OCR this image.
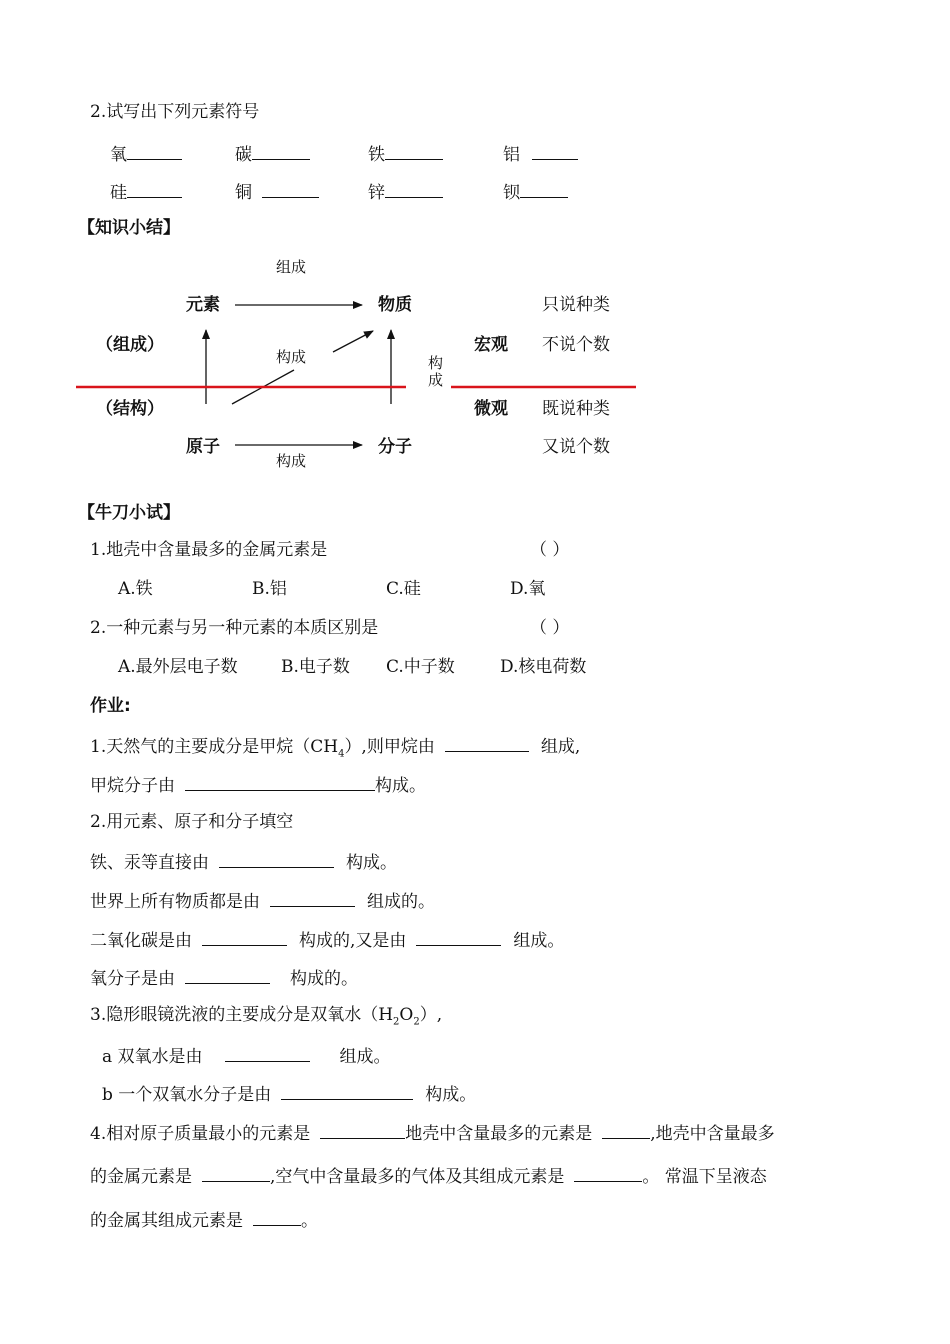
2.试写出下列元素符号
氧	碳	铁	铝
硅	铜	锌	钡
【知识小结】
组成
元素	物质
（组成）
构成	构
成
宏观
微观
只说种类
不说个数
既说种类
又说个数
（结构）
原子	分子
构成
【牛刀小试】
1.地壳中含量最多的金属元素是	（ ）
A.铁	B.铝	C.硅	D.氧
2.一种元素与另一种元素的本质区别是	（ ）
A.最外层电子数	B.电子数 C.中子数	D.核电荷数
作业:
1.天然气的主要成分是甲烷$(CH_4)$,则甲烷由	组成,
甲烷分子由	构成。
2.用元素、原子和分子填空
铁、汞等直接由	构成。
世界上所有物质都是由	组成的。
二氧化碳是由	构成的,又是由	组成。
氧分子是由	构成的。
3.隐形眼镜洗液的主要成分是双氧水$(H_2O_2)$,
a 双氧水是由	组成。
b 一个双氧水分子是由	构成。
4.相对原子质量最小的元素是	地壳中含量最多的元素是	,地壳中含量最多
的金属元素是	,空气中含量最多的气体及其组成元素是	。 常温下呈液态
的金属其组成元素是	。
